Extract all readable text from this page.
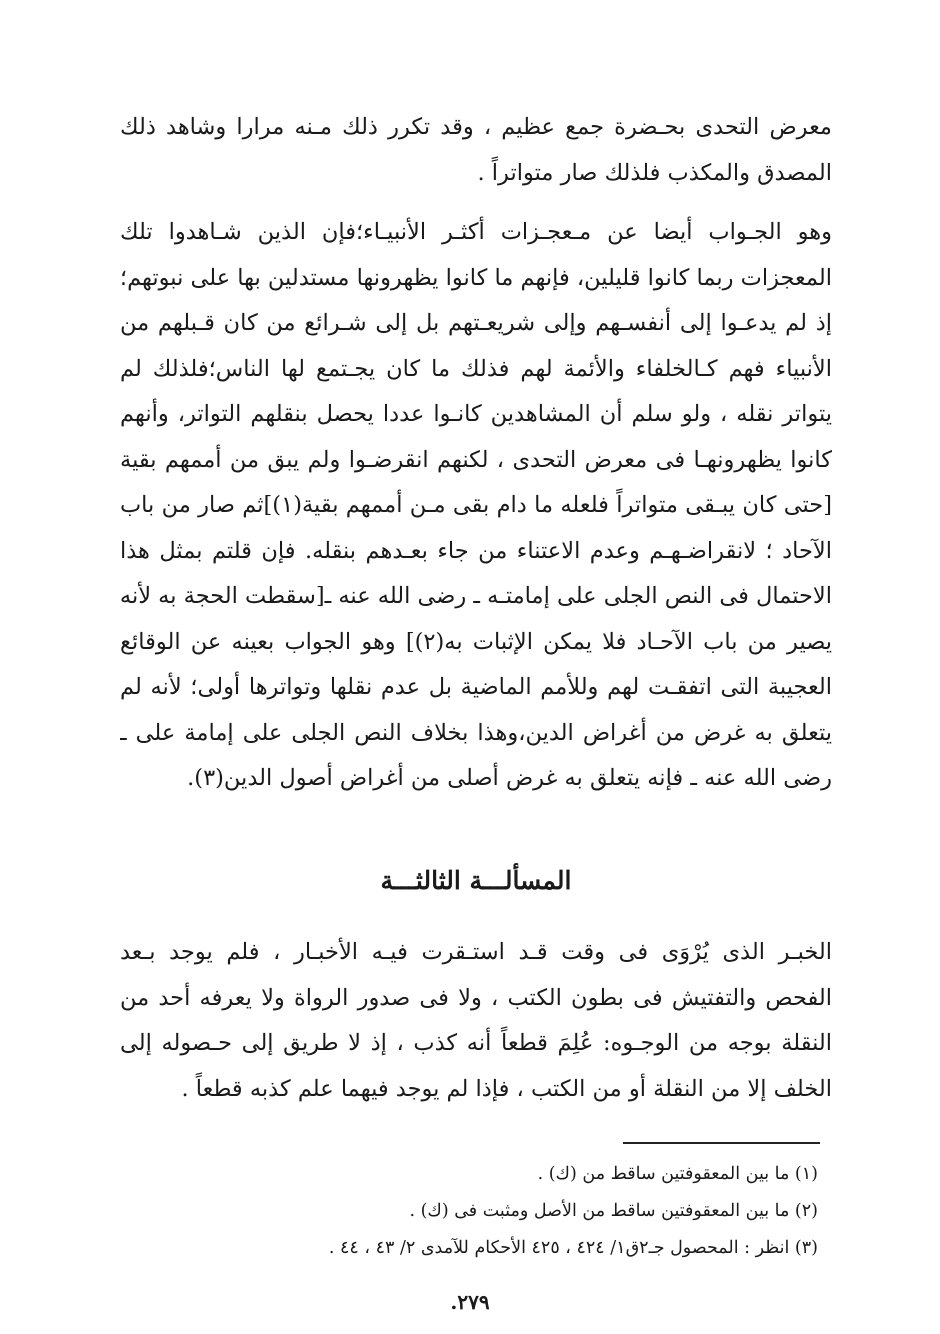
معرض التحدى بحـضرة جمع عظيم ، وقد تكرر ذلك مـنه مرارا وشاهد ذلك
المصدق والمكذب فلذلك صار متواتراً .
وهو الجـواب أيضا عن مـعجـزات أكثـر الأنبيـاء؛فإن الذين شـاهدوا تلك
المعجزات ربما كانوا قليلين، فإنهم ما كانوا يظهرونها مستدلين بها على نبوتهم؛
إذ لم يدعـوا إلى أنفسـهم وإلى شريعـتهم بل إلى شـرائع من كان قـبلهم من
الأنبياء فهم كـالخلفاء والأئمة لهم فذلك ما كان يجـتمع لها الناس؛فلذلك لم
يتواتر نقله ، ولو سلم أن المشاهدين كانـوا عددا يحصل بنقلهم التواتر، وأنهم
كانوا يظهرونهـا فى معرض التحدى ، لكنهم انقرضـوا ولم يبق من أممهم بقية
[حتى كان يبـقى متواتراً فلعله ما دام بقى مـن أممهم بقية(١)]ثم صار من باب
الآحاد ؛ لانقراضـهـم وعدم الاعتناء من جاء بعـدهم بنقله. فإن قلتم بمثل هذا
الاحتمال فى النص الجلى على إمامتـه ـ رضى الله عنه ـ[سقطت الحجة به لأنه
يصير من باب الآحـاد فلا يمكن الإثبات به(٢)] وهو الجواب بعينه عن الوقائع
العجيبة التى اتفقـت لهم وللأمم الماضية بل عدم نقلها وتواترها أولى؛ لأنه لم
يتعلق به غرض من أغراض الدين،وهذا بخلاف النص الجلى على إمامة على ـ
رضى الله عنه ـ فإنه يتعلق به غرض أصلى من أغراض أصول الدين(٣).
المسألـــة الثالثـــة
الخبـر الذى يُرْوَى فى وقت قـد استـقرت فيـه الأخبـار ، فلم يوجد بـعد
الفحص والتفتيش فى بطون الكتب ، ولا فى صدور الرواة ولا يعرفه أحد من
النقلة بوجه من الوجـوه: عُلِمَ قطعاً أنه كذب ، إذ لا طريق إلى حـصوله إلى
الخلف إلا من النقلة أو من الكتب ، فإذا لم يوجد فيهما علم كذبه قطعاً .
(١) ما بين المعقوفتين ساقط من (ك) .
(٢) ما بين المعقوفتين ساقط من الأصل ومثبت فى (ك) .
(٣) انظر : المحصول جـ٢ق١/ ٤٢٤ ، ٤٢٥ الأحكام للآمدى ٢/ ٤٣ ، ٤٤ .
٢٧٩.
